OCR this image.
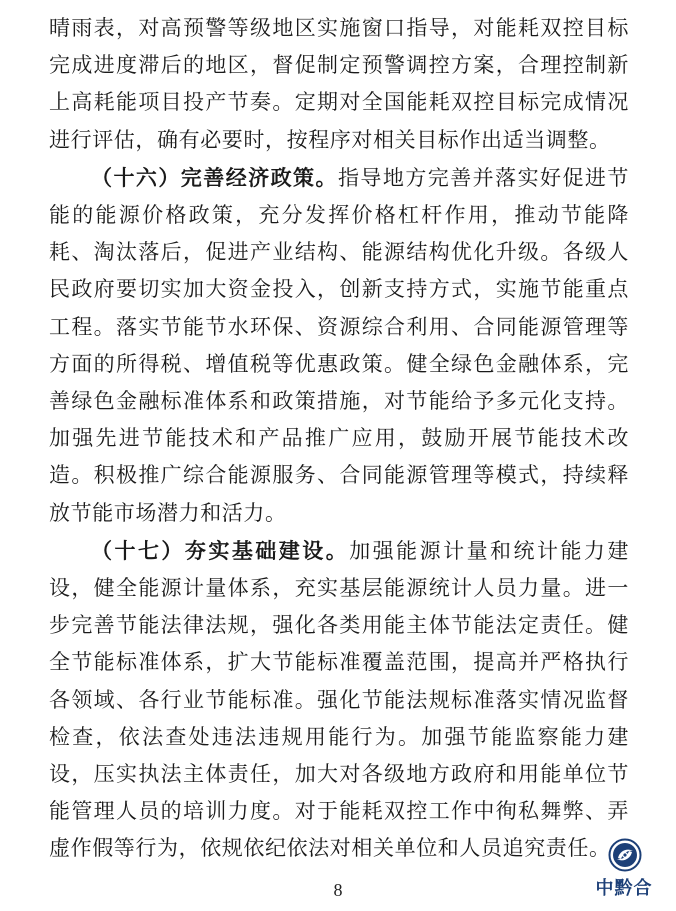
晴雨表，对高预警等级地区实施窗口指导，对能耗双控目标完成进度滞后的地区，督促制定预警调控方案，合理控制新上高耗能项目投产节奏。定期对全国能耗双控目标完成情况进行评估，确有必要时，按程序对相关目标作出适当调整。

（十六）完善经济政策。指导地方完善并落实好促进节能的能源价格政策，充分发挥价格杠杆作用，推动节能降耗、淘汰落后，促进产业结构、能源结构优化升级。各级人民政府要切实加大资金投入，创新支持方式，实施节能重点工程。落实节能节水环保、资源综合利用、合同能源管理等方面的所得税、增值税等优惠政策。健全绿色金融体系，完善绿色金融标准体系和政策措施，对节能给予多元化支持。加强先进节能技术和产品推广应用，鼓励开展节能技术改造。积极推广综合能源服务、合同能源管理等模式，持续释放节能市场潜力和活力。

（十七）夯实基础建设。加强能源计量和统计能力建设，健全能源计量体系，充实基层能源统计人员力量。进一步完善节能法律法规，强化各类用能主体节能法定责任。健全节能标准体系，扩大节能标准覆盖范围，提高并严格执行各领域、各行业节能标准。强化节能法规标准落实情况监督检查，依法查处违法违规用能行为。加强节能监察能力建设，压实执法主体责任，加大对各级地方政府和用能单位节能管理人员的培训力度。对于能耗双控工作中徇私舞弊、弄虚作假等行为，依规依纪依法对相关单位和人员追究责任。

8	中黔合
